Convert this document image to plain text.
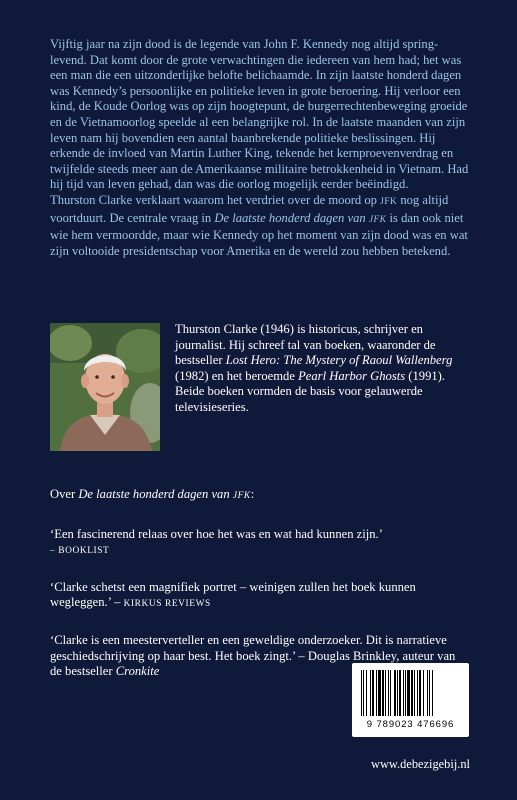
Vijftig jaar na zijn dood is de legende van John F. Kennedy nog altijd springlevend. Dat komt door de grote verwachtingen die iedereen van hem had; het was een man die een uitzonderlijke belofte belichaamde. In zijn laatste honderd dagen was Kennedy’s persoonlijke en politieke leven in grote beroering. Hij verloor een kind, de Koude Oorlog was op zijn hoogtepunt, de burgerrechtenbeweging groeide en de Vietnamoorlog speelde al een belangrijke rol. In de laatste maanden van zijn leven nam hij bovendien een aantal baanbrekende politieke beslissingen. Hij erkende de invloed van Martin Luther King, tekende het kernproevenverdrag en twijfelde steeds meer aan de Amerikaanse militaire betrokkenheid in Vietnam. Had hij tijd van leven gehad, dan was die oorlog mogelijk eerder beëindigd.

Thurston Clarke verklaart waarom het verdriet over de moord op JFK nog altijd voortduurt. De centrale vraag in De laatste honderd dagen van JFK is dan ook niet wie hem vermoordde, maar wie Kennedy op het moment van zijn dood was en wat zijn voltooide presidentschap voor Amerika en de wereld zou hebben betekend.

Thurston Clarke (1946) is historicus, schrijver en journalist. Hij schreef tal van boeken, waaronder de bestseller Lost Hero: The Mystery of Raoul Wallenberg (1982) en het beroemde Pearl Harbor Ghosts (1991). Beide boeken vormden de basis voor gelauwerde televisieseries.

Over De laatste honderd dagen van JFK:

‘Een fascinerend relaas over hoe het was en wat had kunnen zijn.’
– BOOKLIST

‘Clarke schetst een magnifiek portret – weinigen zullen het boek kunnen wegleggen.’ – KIRKUS REVIEWS

‘Clarke is een meesterverteller en een geweldige onderzoeker. Dit is narratieve geschiedschrijving op haar best. Het boek zingt.’ – Douglas Brinkley, auteur van de bestseller Cronkite

9 789023 476696
www.debezigebij.nl
